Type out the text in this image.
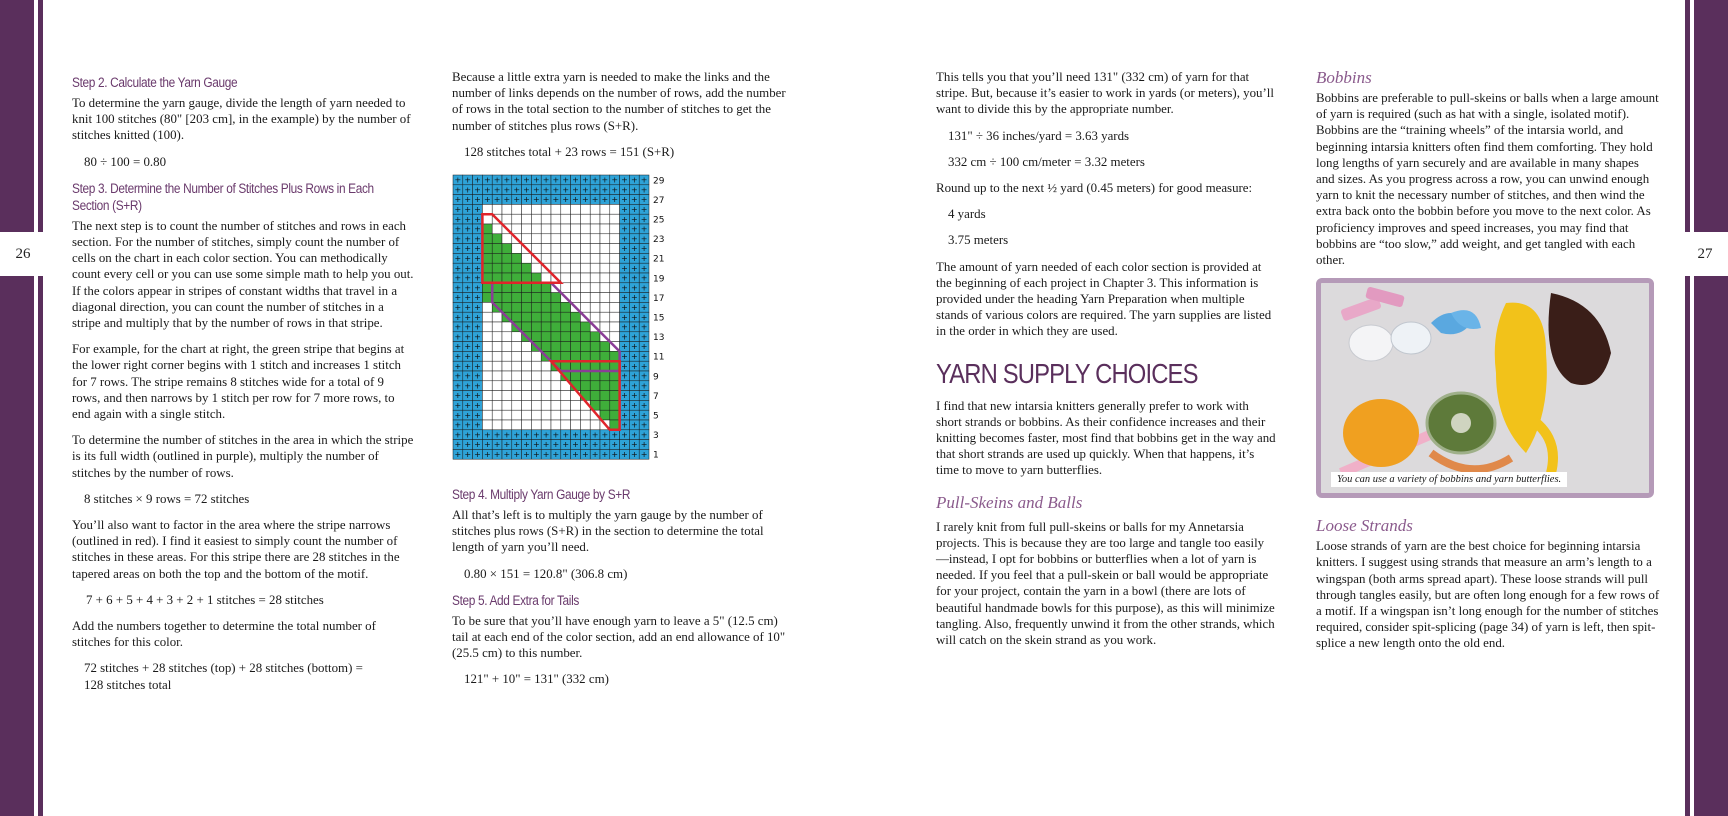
26	27
Step 2. Calculate the Yarn Gauge

To determine the yarn gauge, divide the length of yarn needed to knit 100 stitches (80" [203 cm], in the example) by the number of stitches knitted (100).

80 ÷ 100 = 0.80

Step 3. Determine the Number of Stitches Plus Rows in Each Section (S+R)

The next step is to count the number of stitches and rows in each section. For the number of stitches, simply count the number of cells on the chart in each color section. You can methodically count every cell or you can use some simple math to help you out. If the colors appear in stripes of constant widths that travel in a diagonal direction, you can count the number of stitches in a stripe and multiply that by the number of rows in that stripe.

For example, for the chart at right, the green stripe that begins at the lower right corner begins with 1 stitch and increases 1 stitch for 7 rows. The stripe remains 8 stitches wide for a total of 9 rows, and then narrows by 1 stitch per row for 7 more rows, to end again with a single stitch.

To determine the number of stitches in the area in which the stripe is its full width (outlined in purple), multiply the number of stitches by the number of rows.

8 stitches × 9 rows = 72 stitches

You’ll also want to factor in the area where the stripe narrows (outlined in red). I find it easiest to simply count the number of stitches in these areas. For this stripe there are 28 stitches in the tapered areas on both the top and the bottom of the motif.

7 + 6 + 5 + 4 + 3 + 2 + 1 stitches = 28 stitches

Add the numbers together to determine the total number of stitches for this color.

72 stitches + 28 stitches (top) + 28 stitches (bottom) =

128 stitches total

Because a little extra yarn is needed to make the links and the number of links depends on the number of rows, add the number of rows in the total section to the number of stitches to get the number of stitches plus rows (S+R).

128 stitches total + 23 rows = 151 (S+R)

+ + + + + + + + + + + + + + + + + + + +
+ + + + + + + + + + + + + + + + + + + +
+ + + + + + + + + + + + + + + + + + + +
+ + +	+ + +
+ + +	+ + +
+ + +	+ + +
+ + +	+ + +
+ + +	+ + +
+ + +	+ + +
+ + +	+ + +
+ + +	+ + +
+ + +	+ + +
+ + +	+ + +
+ + +	+ + +
+ + +	+ + +
+ + +	+ + +
+ + +	+ + +
+ + +	+ + +
+ + +	+ + +
+ + +	+ + +
+ + +	+ + +
+ + +	+ + +
+ + +	+ + +
+ + +	+ + +
+ + +	+ + +
+ + +	+ + +
+ + + + + + + + + + + + + + + + + + + +
+ + + + + + + + + + + + + + + + + + + +
+ + + + + + + + + + + + + + + + + + + +
29
27
25
23
21
19
17
15
13
11
9
7
5
3
1
Step 4. Multiply Yarn Gauge by S+R

All that’s left is to multiply the yarn gauge by the number of stitches plus rows (S+R) in the section to determine the total length of yarn you’ll need.

0.80 × 151 = 120.8" (306.8 cm)

Step 5. Add Extra for Tails

To be sure that you’ll have enough yarn to leave a 5" (12.5 cm) tail at each end of the color section, add an end allowance of 10" (25.5 cm) to this number.

121" + 10" = 131" (332 cm)

This tells you that you’ll need 131" (332 cm) of yarn for that stripe. But, because it’s easier to work in yards (or meters), you’ll want to divide this by the appropriate number.

131" ÷ 36 inches/yard = 3.63 yards

332 cm ÷ 100 cm/meter = 3.32 meters

Round up to the next ½ yard (0.45 meters) for good measure:

4 yards

3.75 meters

The amount of yarn needed of each color section is provided at the beginning of each project in Chapter 3. This information is provided under the heading Yarn Preparation when multiple stands of various colors are required. The yarn supplies are listed in the order in which they are used.

YARN SUPPLY CHOICES

I find that new intarsia knitters generally prefer to work with short strands or bobbins. As their confidence increases and their knitting becomes faster, most find that bobbins get in the way and that short strands are used up quickly. When that happens, it’s time to move to yarn butterflies.

Pull-Skeins and Balls

I rarely knit from full pull-skeins or balls for my Annetarsia projects. This is because they are too large and tangle too easily—instead, I opt for bobbins or butterflies when a lot of yarn is needed. If you feel that a pull-skein or ball would be appropriate for your project, contain the yarn in a bowl (there are lots of beautiful handmade bowls for this purpose), as this will minimize tangling. Also, frequently unwind it from the other strands, which will catch on the skein strand as you work.

Bobbins

Bobbins are preferable to pull-skeins or balls when a large amount of yarn is required (such as hat with a single, isolated motif). Bobbins are the “training wheels” of the intarsia world, and beginning intarsia knitters often find them comforting. They hold long lengths of yarn securely and are available in many shapes and sizes. As you progress across a row, you can unwind enough yarn to knit the necessary number of stitches, and then wind the extra back onto the bobbin before you move to the next color. As proficiency improves and speed increases, you may find that bobbins are “too slow,” add weight, and get tangled with each other.

You can use a variety of bobbins and yarn butterflies.
Loose Strands

Loose strands of yarn are the best choice for beginning intarsia knitters. I suggest using strands that measure an arm’s length to a wingspan (both arms spread apart). These loose strands will pull through tangles easily, but are often long enough for a few rows of a motif. If a wingspan isn’t long enough for the number of stitches required, consider spit-splicing (page 34) of yarn is left, then spit-splice a new length onto the old end.
